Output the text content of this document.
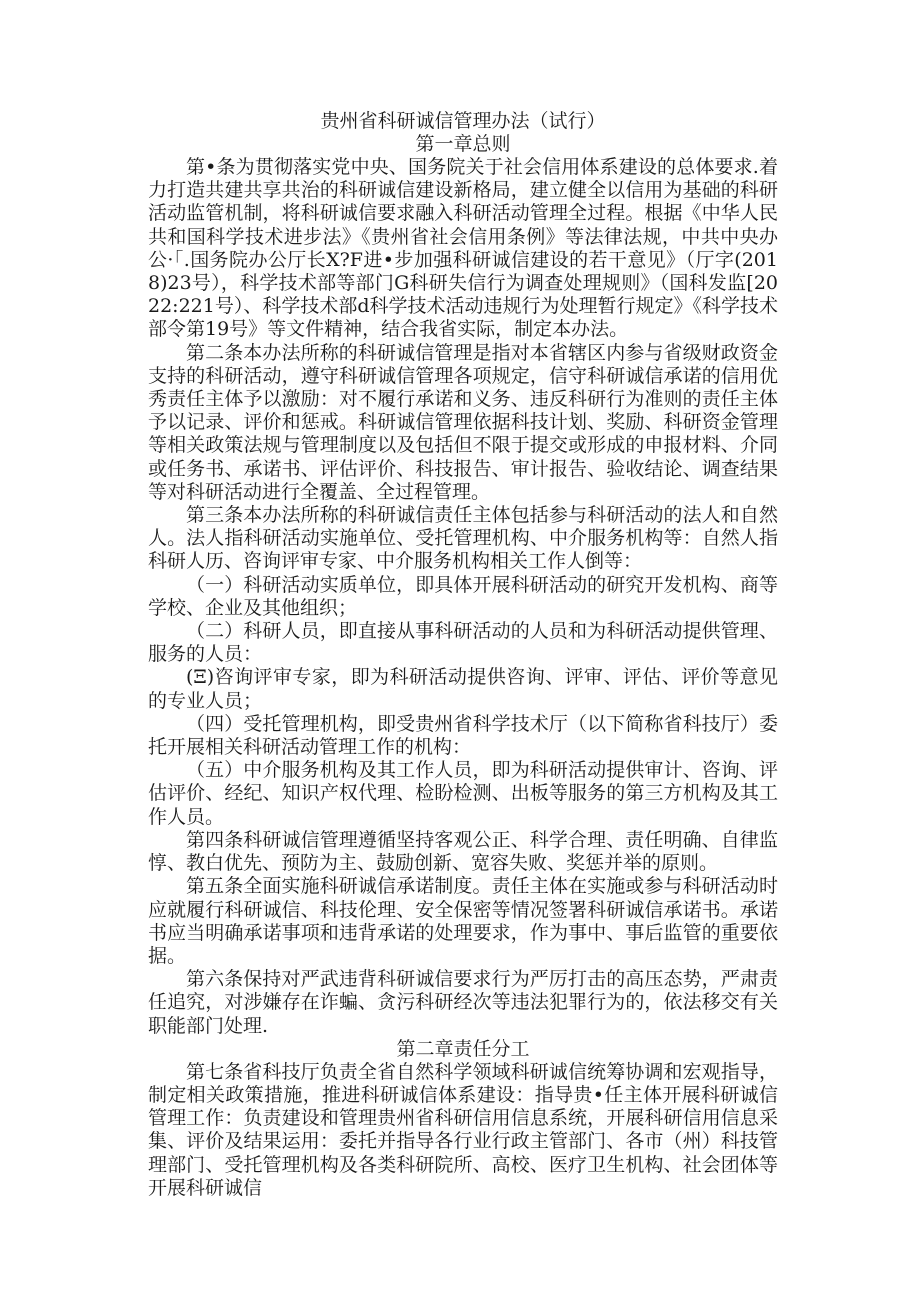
贵州省科研诚信管理办法（试行）
第一章总则

第•条为贯彻落实党中央、国务院关于社会信用体系建设的总体要求.着力打造共建共享共治的科研诚信建设新格局，建立健全以信用为基础的科研活动监管机制，将科研诚信要求融入科研活动管理全过程。根据《中华人民共和国科学技术进步法》《贵州省社会信用条例》等法律法规，中共中央办公·「.国务院办公厅长X?F进•步加强科研诚信建设的若干意见》（厅字(2018)23号），科学技术部等部门G科研失信行为调查处理规则》（国科发监[2022:221号）、科学技术部d科学技术活动违规行为处理暂行规定》《科学技术部令第19号》等文件精神，结合我省实际，制定本办法。

第二条本办法所称的科研诚信管理是指对本省辖区内参与省级财政资金支持的科研活动，遵守科研诚信管理各项规定，信守科研诚信承诺的信用优秀责任主体予以激励：对不履行承诺和义务、违反科研行为准则的责任主体予以记录、评价和惩戒。科研诚信管理依据科技计划、奖励、科研资金管理等相关政策法规与管理制度以及包括但不限于提交或形成的申报材料、介同或任务书、承诺书、评估评价、科技报告、审计报告、验收结论、调查结果等对科研活动进行全覆盖、全过程管理。

第三条本办法所称的科研诚信责任主体包括参与科研活动的法人和自然人。法人指科研活动实施单位、受托管理机构、中介服务机构等：自然人指科研人历、咨询评审专家、中介服务机构相关工作人倒等：

（一）科研活动实质单位，即具体开展科研活动的研究开发机构、商等学校、企业及其他组织；

（二）科研人员，即直接从事科研活动的人员和为科研活动提供管理、服务的人员：

(Ξ)咨询评审专家，即为科研活动提供咨询、评审、评估、评价等意见的专业人员；

（四）受托管理机构，即受贵州省科学技术厅（以下简称省科技厅）委托开展相关科研活动管理工作的机构：

（五）中介服务机构及其工作人员，即为科研活动提供审计、咨询、评估评价、经纪、知识产权代理、检盼检测、出板等服务的第三方机构及其工作人员。

第四条科研诚信管理遵循坚持客观公正、科学合理、责任明确、自律监惇、教白优先、预防为主、鼓励创新、宽容失败、奖惩并举的原则。

第五条全面实施科研诚信承诺制度。责任主体在实施或参与科研活动时应就履行科研诚信、科技伦理、安全保密等情况签署科研诚信承诺书。承诺书应当明确承诺事项和违背承诺的处理要求，作为事中、事后监管的重要依据。

第六条保持对严武违背科研诚信要求行为严厉打击的高压态势，严肃责任追究，对涉嫌存在诈蝙、贪污科研经次等违法犯罪行为的，依法移交有关职能部门处理.

第二章责任分工

第七条省科技厅负责全省自然科学领域科研诚信统筹协调和宏观指导，制定相关政策措施，推进科研诚信体系建设：指导贵•任主体开展科研诚信管理工作：负责建设和管理贵州省科研信用信息系统，开展科研信用信息采集、评价及结果运用：委托并指导各行业行政主管部门、各市（州）科技管理部门、受托管理机构及各类科研院所、高校、医疗卫生机构、社会团体等开展科研诚信
